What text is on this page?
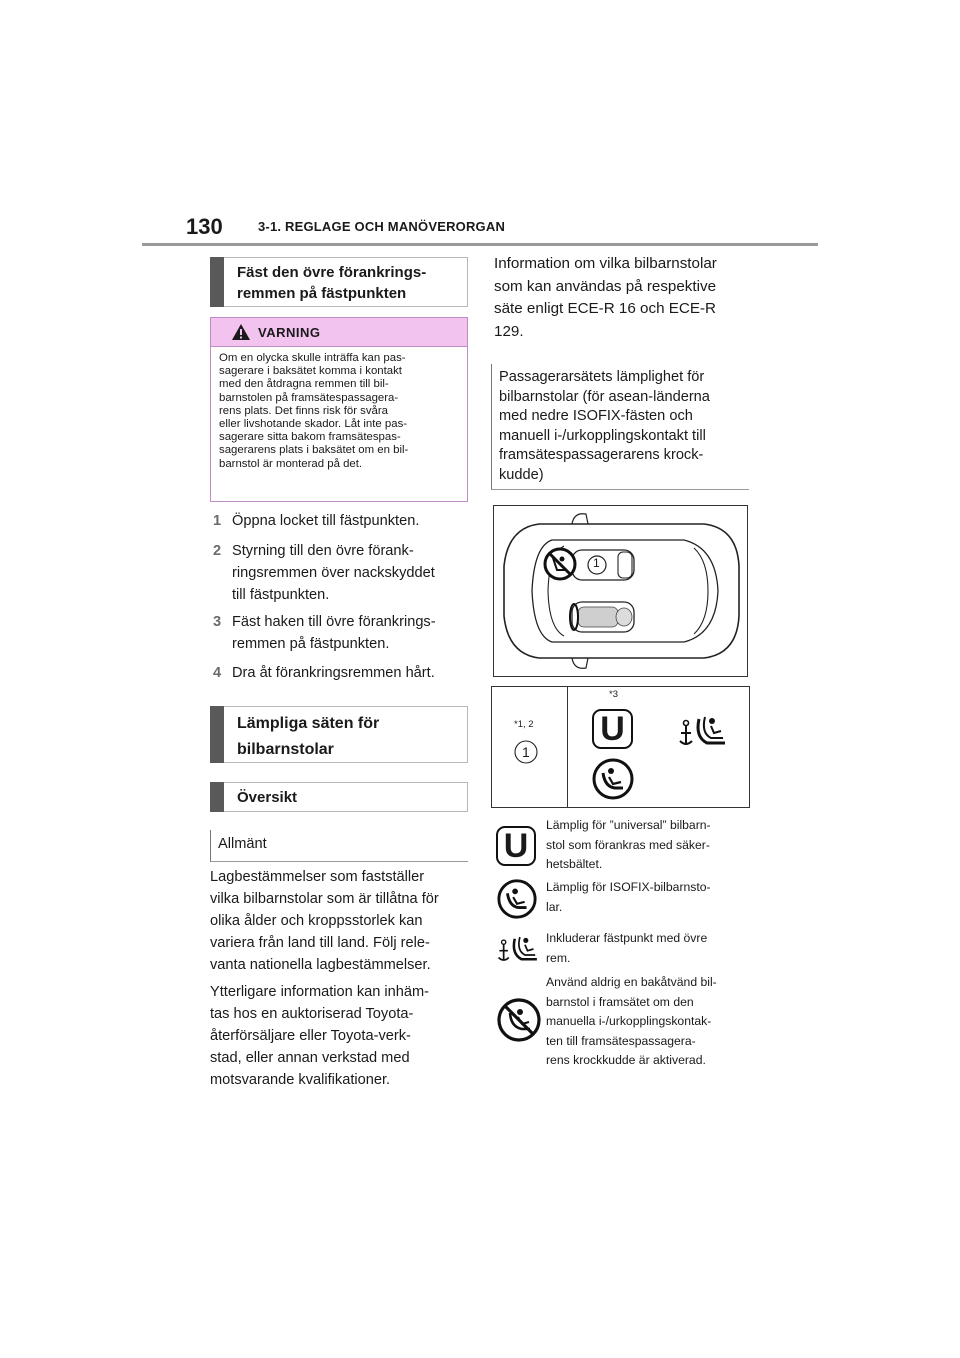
130	3-1. REGLAGE OCH MANÖVERORGAN
Fäst den övre förankrings-
remmen på fästpunkten
VARNING
Om en olycka skulle inträffa kan pas-
sagerare i baksätet komma i kontakt
med den åtdragna remmen till bil-
barnstolen på framsätespassagera-
rens plats. Det finns risk för svåra
eller livshotande skador. Låt inte pas-
sagerare sitta bakom framsätespas-
sagerarens plats i baksätet om en bil-
barnstol är monterad på det.
1 Öppna locket till fästpunkten.
2 Styrning till den övre förank-
ringsremmen över nackskyddet
till fästpunkten.
3 Fäst haken till övre förankrings-
remmen på fästpunkten.
4 Dra åt förankringsremmen hårt.
Lämpliga säten för
bilbarnstolar
Översikt
Allmänt
Lagbestämmelser som fastställer
vilka bilbarnstolar som är tillåtna för
olika ålder och kroppsstorlek kan
variera från land till land. Följ rele-
vanta nationella lagbestämmelser.
Ytterligare information kan inhäm-
tas hos en auktoriserad Toyota-
återförsäljare eller Toyota-verk-
stad, eller annan verkstad med
motsvarande kvalifikationer.
Information om vilka bilbarnstolar
som kan användas på respektive
säte enligt ECE-R 16 och ECE-R
129.
Passagerarsätets lämplighet för
bilbarnstolar (för asean-länderna
med nedre ISOFIX-fästen och
manuell i-/urkopplingskontakt till
framsätespassagerarens krock-
kudde)
1
*1, 2
1
*3
U
U
Lämplig för ”universal” bilbarn-
stol som förankras med säker-
hetsbältet.
Lämplig för ISOFIX-bilbarnsto-
lar.
Inkluderar fästpunkt med övre
rem.
Använd aldrig en bakåtvänd bil-
barnstol i framsätet om den
manuella i-/urkopplingskontak-
ten till framsätespassagera-
rens krockkudde är aktiverad.
